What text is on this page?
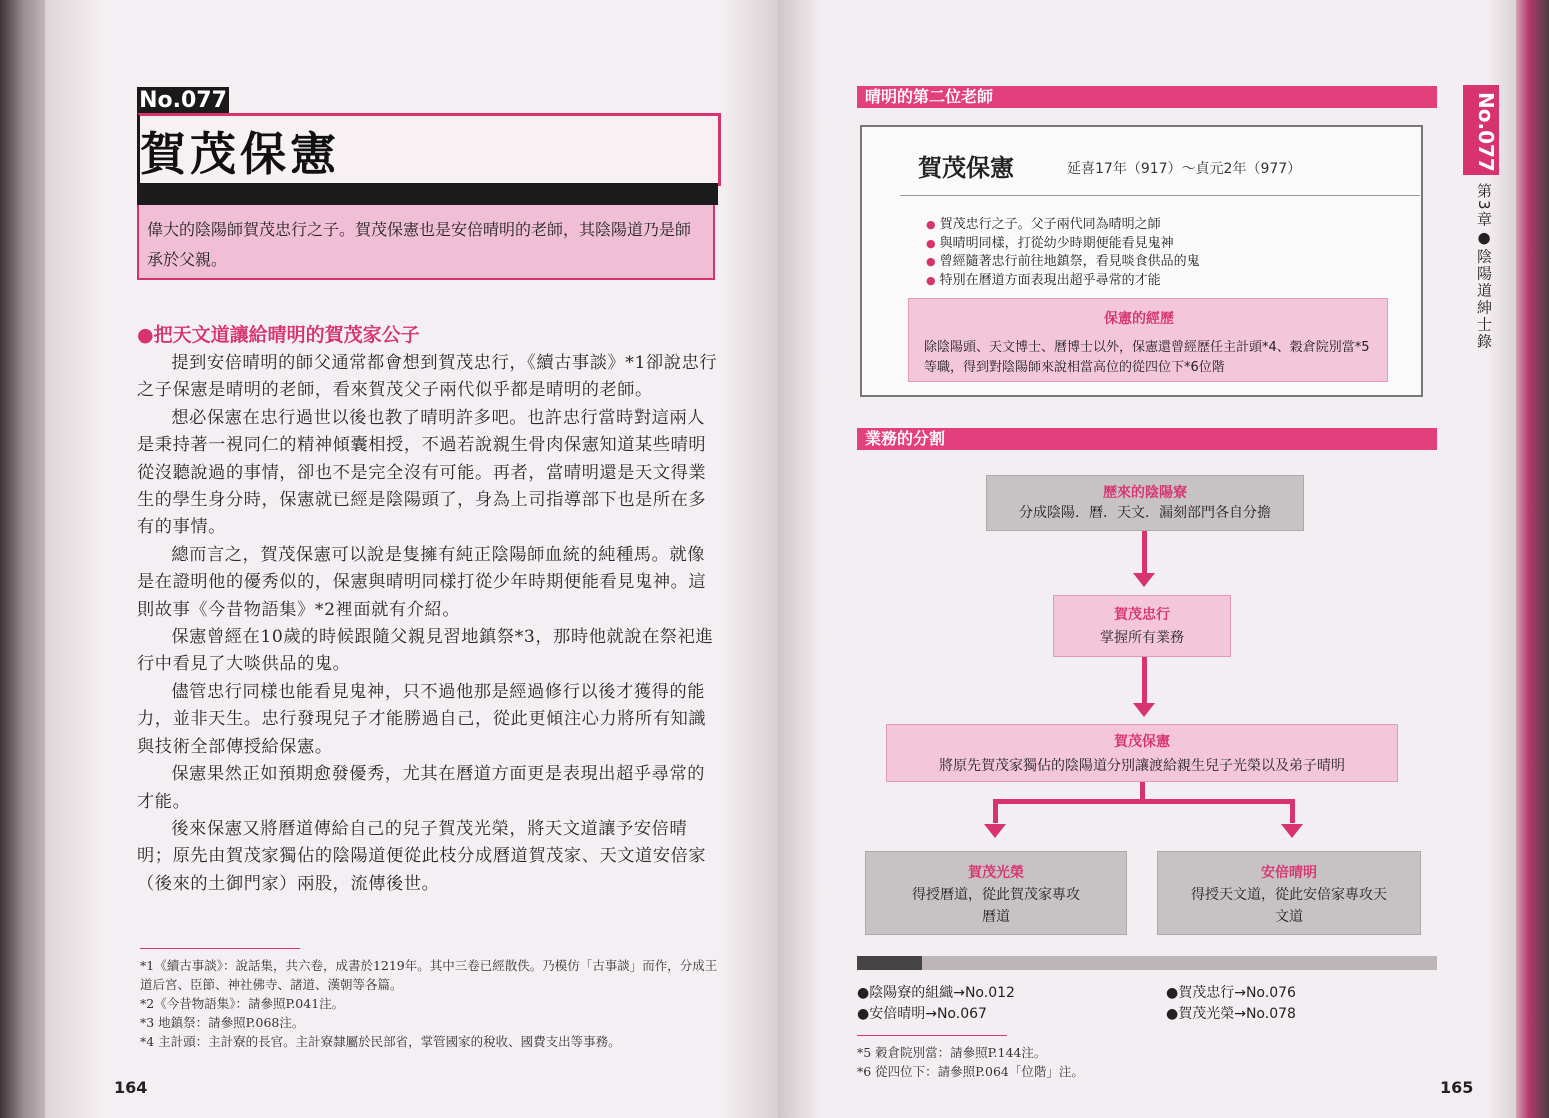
No.077
賀茂保憲
偉大的陰陽師賀茂忠行之子。賀茂保憲也是安倍晴明的老師，其陰陽道乃是師承於父親。
●把天文道讓給晴明的賀茂家公子

提到安倍晴明的師父通常都會想到賀茂忠行，《續古事談》*1卻說忠行之子保憲是晴明的老師，看來賀茂父子兩代似乎都是晴明的老師。

想必保憲在忠行過世以後也教了晴明許多吧。也許忠行當時對這兩人是秉持著一視同仁的精神傾囊相授，不過若說親生骨肉保憲知道某些晴明從沒聽說過的事情，卻也不是完全沒有可能。再者，當晴明還是天文得業生的學生身分時，保憲就已經是陰陽頭了，身為上司指導部下也是所在多有的事情。

總而言之，賀茂保憲可以說是隻擁有純正陰陽師血統的純種馬。就像是在證明他的優秀似的，保憲與晴明同樣打從少年時期便能看見鬼神。這則故事《今昔物語集》*2裡面就有介紹。

保憲曾經在10歲的時候跟隨父親見習地鎮祭*3，那時他就說在祭祀進行中看見了大啖供品的鬼。

儘管忠行同樣也能看見鬼神，只不過他那是經過修行以後才獲得的能力，並非天生。忠行發現兒子才能勝過自己，從此更傾注心力將所有知識與技術全部傳授給保憲。

保憲果然正如預期愈發優秀，尤其在曆道方面更是表現出超乎尋常的才能。

後來保憲又將曆道傳給自己的兒子賀茂光榮，將天文道讓予安倍晴明；原先由賀茂家獨佔的陰陽道便從此枝分成曆道賀茂家、天文道安倍家（後來的土御門家）兩股，流傳後世。

*1《續古事談》：說話集，共六卷，成書於1219年。其中三卷已經散佚。乃模仿「古事談」而作，分成王道后宮、臣節、神社佛寺、諸道、漢朝等各篇。
*2《今昔物語集》：請參照P.041注。
*3 地鎮祭：請參照P.068注。
*4 主計頭：主計寮的長官。主計寮隸屬於民部省，掌管國家的稅收、國費支出等事務。
164
晴明的第二位老師
賀茂保憲	延喜17年（917）～貞元2年（977）
● 賀茂忠行之子。父子兩代同為晴明之師
● 與晴明同樣，打從幼少時期便能看見鬼神
● 曾經隨著忠行前往地鎮祭，看見啖食供品的鬼
● 特別在曆道方面表現出超乎尋常的才能
保憲的經歷
除陰陽頭、天文博士、曆博士以外，保憲還曾經歷任主計頭*4、穀倉院別當*5等職，得到對陰陽師來說相當高位的從四位下*6位階
業務的分割
歷來的陰陽寮
分成陰陽．曆．天文．漏刻部門各自分擔
賀茂忠行
掌握所有業務
賀茂保憲
將原先賀茂家獨佔的陰陽道分別讓渡給親生兒子光榮以及弟子晴明
賀茂光榮
得授曆道，從此賀茂家專攻曆道
安倍晴明
得授天文道，從此安倍家專攻天文道
●陰陽寮的組織→No.012
●安倍晴明→No.067
●賀茂忠行→No.076
●賀茂光榮→No.078
*5 穀倉院別當：請參照P.144注。
*6 從四位下：請參照P.064「位階」注。
165
No.077
第3章●陰陽道紳士錄
